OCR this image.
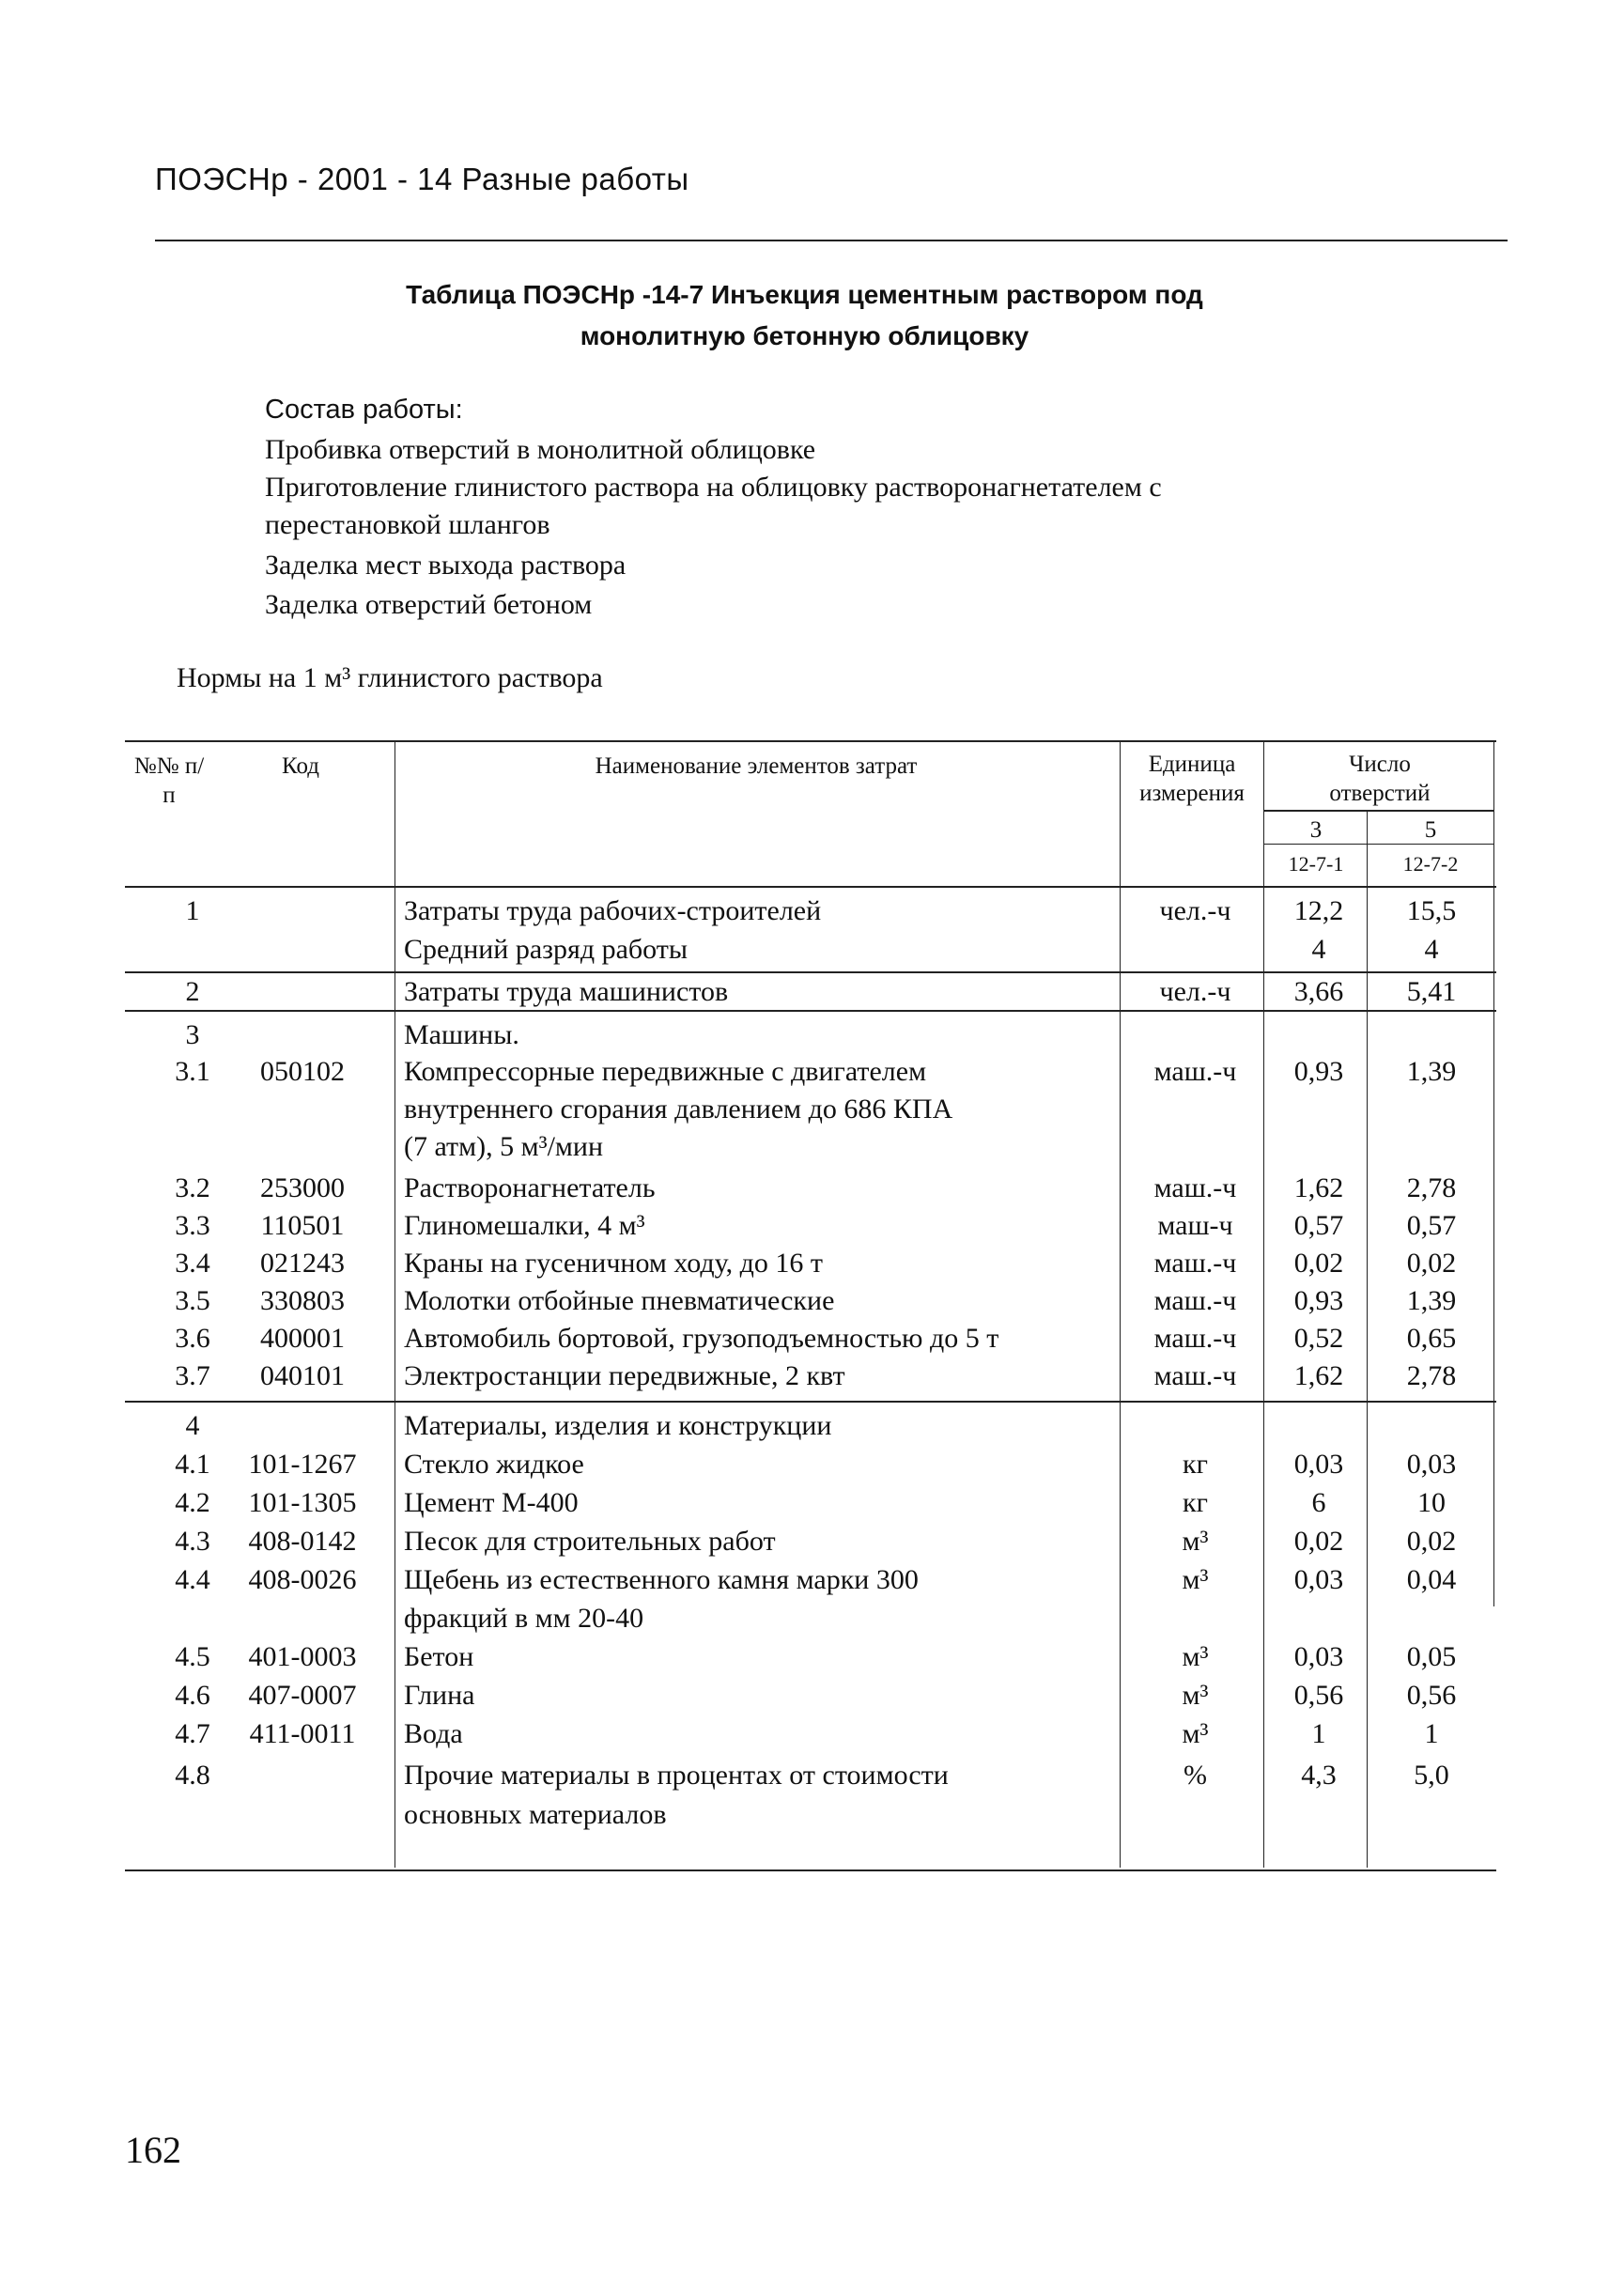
ПОЭСНр - 2001 - 14 Разные работы
Таблица ПОЭСНр -14-7 Инъекция цементным раствором под
монолитную бетонную облицовку
Состав работы:
Пробивка отверстий в монолитной облицовке
Приготовление глинистого раствора на облицовку растворонагнетателем с
перестановкой шлангов
Заделка мест выхода раствора
Заделка отверстий бетоном
Нормы на 1 м³ глинистого раствора
№№ п/п
Код	Наименование элементов затрат	Единица измерения
Число отверстий
3	5
12-7-1	12-7-2
1	Затраты труда рабочих-строителей	чел.-ч	12,2	15,5
Средний разряд работы	4	4
2	Затраты труда машинистов	чел.-ч	3,66	5,41
3	Машины.
3.1	050102	Компрессорные передвижные с двигателем	маш.-ч	0,93	1,39
внутреннего сгорания давлением до 686 КПА
(7 атм), 5 м³/мин
3.2	253000	Растворонагнетатель	маш.-ч	1,62	2,78
3.3	110501	Глиномешалки, 4 м³	маш-ч	0,57	0,57
3.4	021243	Краны на гусеничном ходу, до 16 т	маш.-ч	0,02	0,02
3.5	330803	Молотки отбойные пневматические	маш.-ч	0,93	1,39
3.6	400001	Автомобиль бортовой, грузоподъемностью до 5 т	маш.-ч	0,52	0,65
3.7	040101	Электростанции передвижные, 2 квт	маш.-ч	1,62	2,78
4	Материалы, изделия и конструкции
4.1	101-1267	Стекло жидкое	кг	0,03	0,03
4.2	101-1305	Цемент М-400	кг	6	10
4.3	408-0142	Песок для строительных работ	м³	0,02	0,02
4.4	408-0026	Щебень из естественного камня марки 300	м³	0,03	0,04
фракций в мм 20-40
4.5	401-0003	Бетон	м³	0,03	0,05
4.6	407-0007	Глина	м³	0,56	0,56
4.7	411-0011	Вода	м³	1	1
4.8	Прочие материалы в процентах от стоимости	%	4,3	5,0
основных материалов
162
